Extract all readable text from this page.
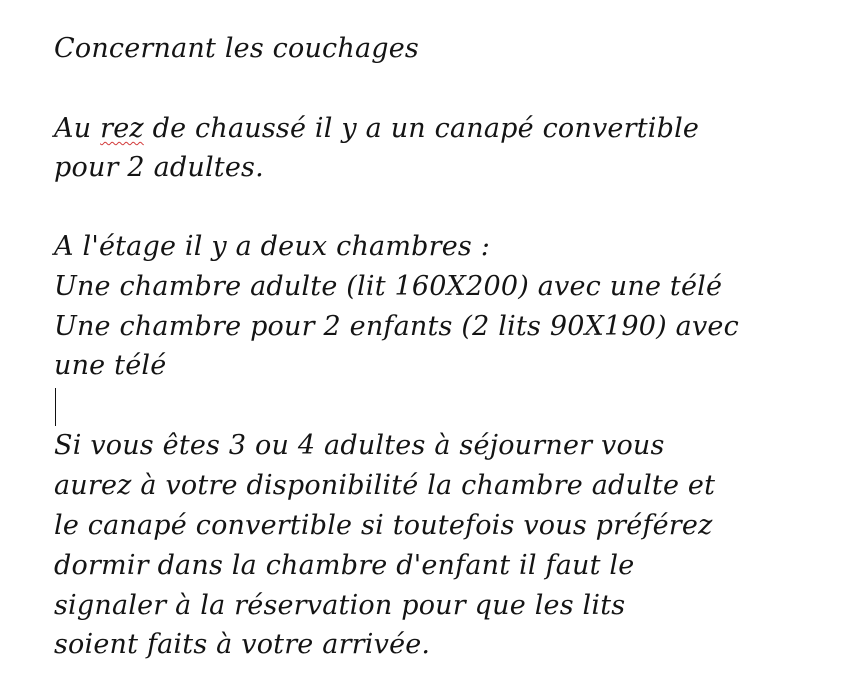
Concernant les couchages

Au rez de chaussé il y a un canapé convertible

pour 2 adultes.

A l'étage il y a deux chambres :

Une chambre adulte (lit 160X200) avec une télé

Une chambre pour 2 enfants (2 lits 90X190) avec

une télé

Si vous êtes 3 ou 4 adultes à séjourner vous

aurez à votre disponibilité la chambre adulte et

le canapé convertible si toutefois vous préférez

dormir dans la chambre d'enfant il faut le

signaler à la réservation pour que les lits

soient faits à votre arrivée.
